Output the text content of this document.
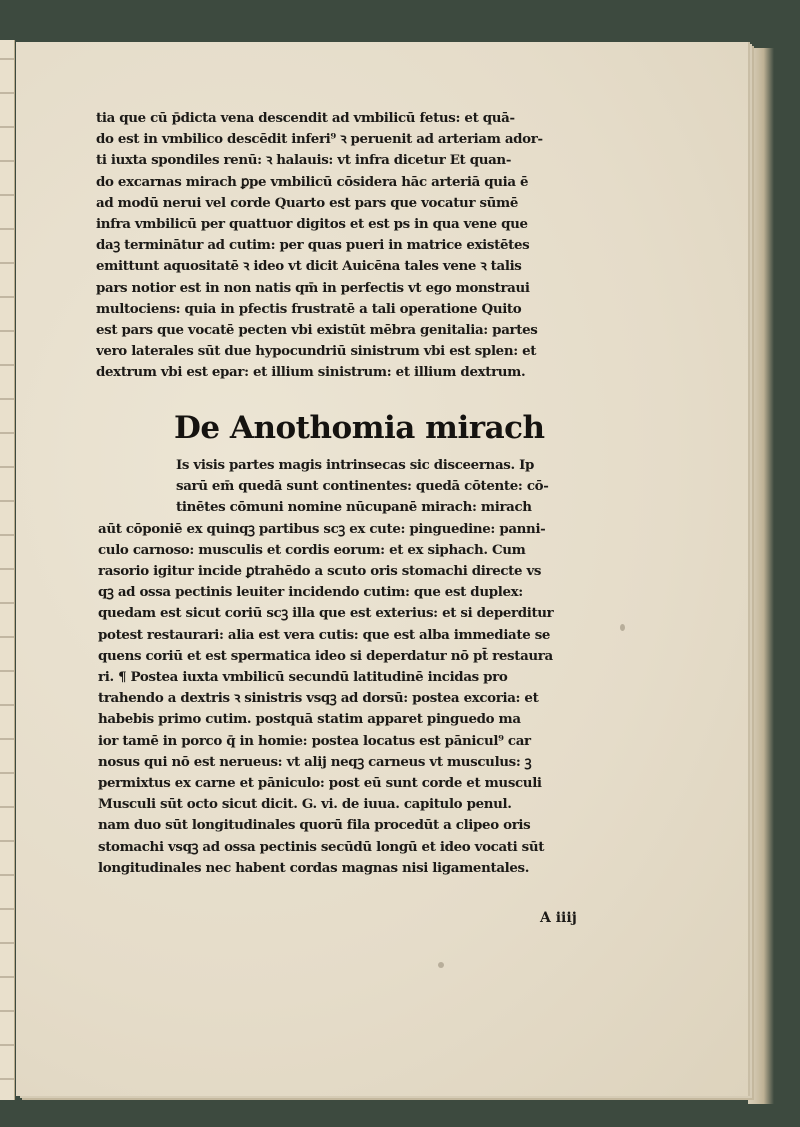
tia que cū p̄dicta vena descendit ad vmbilicū fetus: et quā-
do est in vmbilico descēdit inferi⁹ ꝛ peruenit ad arteriam ador-
ti iuxta spondiles renū: ꝛ halauis: vt infra dicetur Et quan-
do excarnas mirach ꝑpe vmbilicū cōsidera hāc arteriā quia ē
ad modū nerui vel corde Quarto est pars que vocatur sūmē
infra vmbilicū per quattuor digitos et est ps in qua vene que
daꝫ terminātur ad cutim: per quas pueri in matrice existētes
emittunt aquositatē ꝛ ideo vt dicit Auicēna tales vene ꝛ talis
pars notior est in non natis qm̄ in perfectis vt ego monstraui
multociens: quia in pfectis frustratē a tali operatione Quito
est pars que vocatē pecten vbi existūt mēbra genitalia: partes
vero laterales sūt due hypocundriū sinistrum vbi est splen: et
dextrum vbi est epar: et illium sinistrum: et illium dextrum.
De Anothomia mirach
Is visis partes magis intrinsecas sic disceernas. Ip
sarū em̄ quedā sunt continentes: quedā cōtente: cō-
tinētes cōmuni nomine nūcupanē mirach: mirach
aūt cōponiē ex quinqꝫ partibus scꝫ ex cute: pinguedine: panni-
culo carnoso: musculis et cordis eorum: et ex siphach. Cum
rasorio igitur incide ꝑtrahēdo a scuto oris stomachi directe vs
qꝫ ad ossa pectinis leuiter incidendo cutim: que est duplex:
quedam est sicut coriū scꝫ illa que est exterius: et si deperditur
potest restaurari: alia est vera cutis: que est alba immediate se
quens coriū et est spermatica ideo si deperdatur nō pt̄ restaura
ri. ¶ Postea iuxta vmbilicū secundū latitudinē incidas pro
trahendo a dextris ꝛ sinistris vsqꝫ ad dorsū: postea excoria: et
habebis primo cutim. postquā statim apparet pinguedo ma
ior tamē in porco q̄ in homie: postea locatus est pānicul⁹ car
nosus qui nō est nerueus: vt alij neqꝫ carneus vt musculus: ꝫ
permixtus ex carne et pāniculo: post eū sunt corde et musculi
Musculi sūt octo sicut dicit. G. vi. de iuua. capitulo penul.
nam duo sūt longitudinales quorū fila procedūt a clipeo oris
stomachi vsqꝫ ad ossa pectinis secūdū longū et ideo vocati sūt
longitudinales nec habent cordas magnas nisi ligamentales.
A iiij
